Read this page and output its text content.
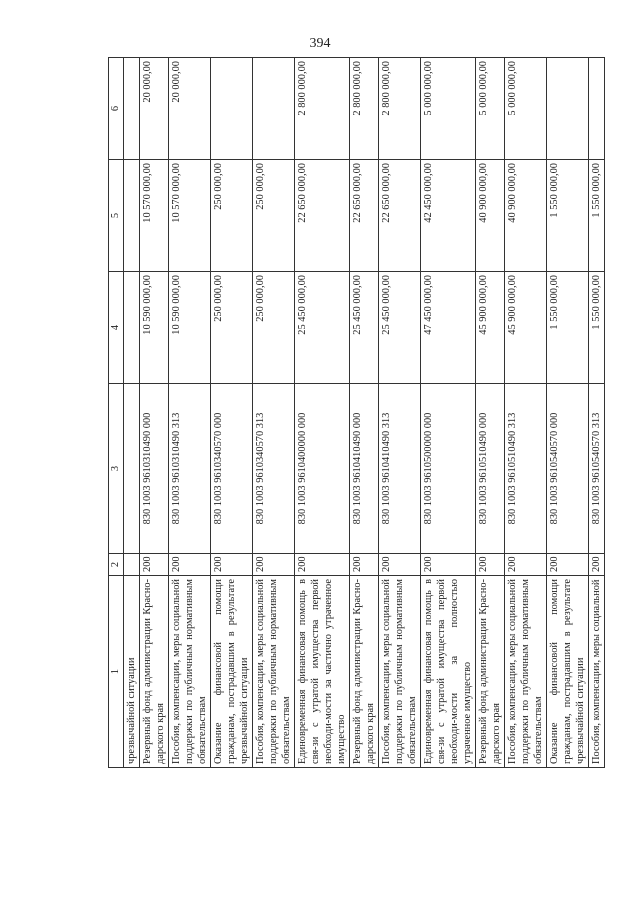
394
1	2	3	4	5	6
чрезвычайной ситуации					
Резервный фонд администрации Красно-дарского края	200	830 1003 9610310490 000	10 590 000,00	10 570 000,00	20 000,00
Пособия, компенсации, меры социальной поддержки по публичным нормативным обязательствам	200	830 1003 9610310490 313	10 590 000,00	10 570 000,00	20 000,00
Оказание финансовой помощи гражданам, пострадавшим в результате чрезвычайной ситуации	200	830 1003 9610340570 000	250 000,00	250 000,00	
Пособия, компенсации, меры социальной поддержки по публичным нормативным обязательствам	200	830 1003 9610340570 313	250 000,00	250 000,00	
Единовременная финансовая помощь в свя-зи с утратой имущества первой необходи-мости за частично утраченное имущество	200	830 1003 9610400000 000	25 450 000,00	22 650 000,00	2 800 000,00
Резервный фонд администрации Красно-дарского края	200	830 1003 9610410490 000	25 450 000,00	22 650 000,00	2 800 000,00
Пособия, компенсации, меры социальной поддержки по публичным нормативным обязательствам	200	830 1003 9610410490 313	25 450 000,00	22 650 000,00	2 800 000,00
Единовременная финансовая помощь в свя-зи с утратой имущества первой необходи-мости за полностью утраченное имущество	200	830 1003 9610500000 000	47 450 000,00	42 450 000,00	5 000 000,00
Резервный фонд администрации Красно-дарского края	200	830 1003 9610510490 000	45 900 000,00	40 900 000,00	5 000 000,00
Пособия, компенсации, меры социальной поддержки по публичным нормативным обязательствам	200	830 1003 9610510490 313	45 900 000,00	40 900 000,00	5 000 000,00
Оказание финансовой помощи гражданам, пострадавшим в результате чрезвычайной ситуации	200	830 1003 9610540570 000	1 550 000,00	1 550 000,00	
Пособия, компенсации, меры социальной	200	830 1003 9610540570 313	1 550 000,00	1 550 000,00	
